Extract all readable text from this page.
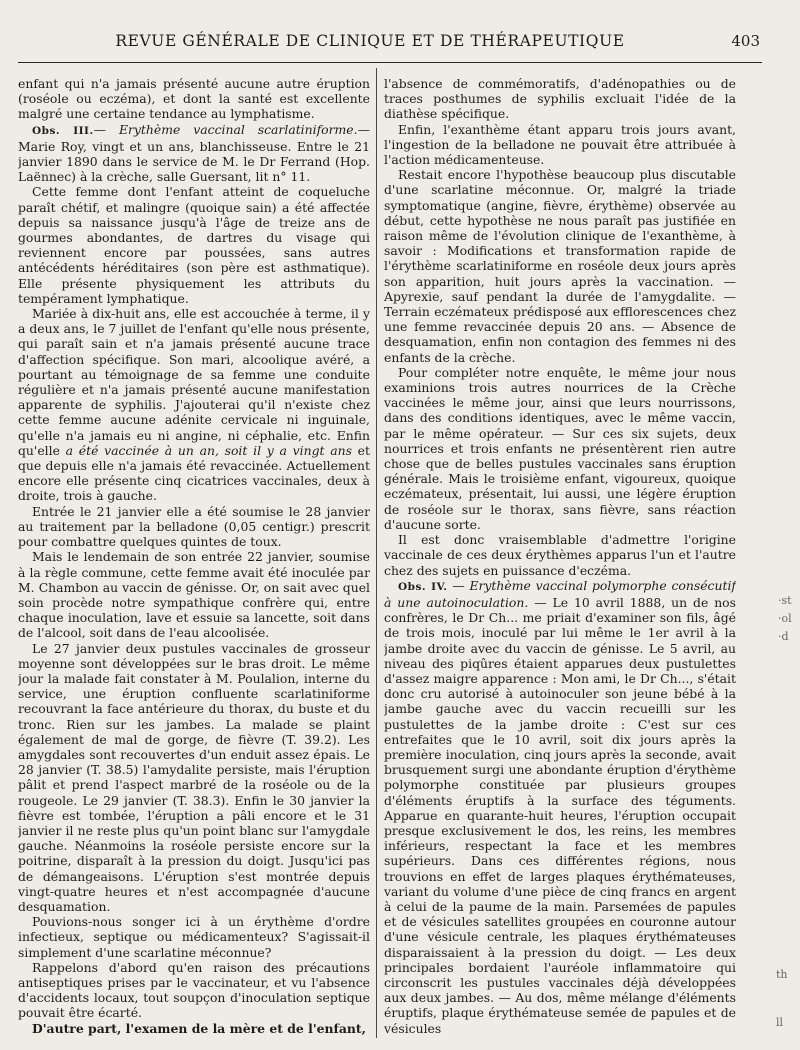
REVUE GÉNÉRALE DE CLINIQUE ET DE THÉRAPEUTIQUE	403

enfant qui n'a jamais présenté aucune autre éruption (roséole ou eczéma), et dont la santé est excellente malgré une certaine tendance au lymphatisme.

Obs. III.— Erythème vaccinal scarlatiniforme.— Marie Roy, vingt et un ans, blanchisseuse. Entre le 21 janvier 1890 dans le service de M. le Dr Ferrand (Hop. Laënnec) à la crèche, salle Guersant, lit n° 11.

Cette femme dont l'enfant atteint de coqueluche paraît chétif, et malingre (quoique sain) a été affectée depuis sa naissance jusqu'à l'âge de treize ans de gourmes abondantes, de dartres du visage qui reviennent encore par poussées, sans autres antécédents héréditaires (son père est asthmatique). Elle présente physiquement les attributs du tempérament lymphatique.

Mariée à dix-huit ans, elle est accouchée à terme, il y a deux ans, le 7 juillet de l'enfant qu'elle nous présente, qui paraît sain et n'a jamais présenté aucune trace d'affection spécifique. Son mari, alcoolique avéré, a pourtant au témoignage de sa femme une conduite régulière et n'a jamais présenté aucune manifestation apparente de syphilis. J'ajouterai qu'il n'existe chez cette femme aucune adénite cervicale ni inguinale, qu'elle n'a jamais eu ni angine, ni céphalie, etc. Enfin qu'elle a été vaccinée à un an, soit il y a vingt ans et que depuis elle n'a jamais été revaccinée. Actuellement encore elle présente cinq cicatrices vaccinales, deux à droite, trois à gauche.

Entrée le 21 janvier elle a été soumise le 28 janvier au traitement par la belladone (0,05 centigr.) prescrit pour combattre quelques quintes de toux.

Mais le lendemain de son entrée 22 janvier, soumise à la règle commune, cette femme avait été inoculée par M. Chambon au vaccin de génisse. Or, on sait avec quel soin procède notre sympathique confrère qui, entre chaque inoculation, lave et essuie sa lancette, soit dans de l'alcool, soit dans de l'eau alcoolisée.

Le 27 janvier deux pustules vaccinales de grosseur moyenne sont développées sur le bras droit. Le même jour la malade fait constater à M. Poulalion, interne du service, une éruption confluente scarlatiniforme recouvrant la face antérieure du thorax, du buste et du tronc. Rien sur les jambes. La malade se plaint également de mal de gorge, de fièvre (T. 39.2). Les amygdales sont recouvertes d'un enduit assez épais. Le 28 janvier (T. 38.5) l'amydalite persiste, mais l'éruption pâlit et prend l'aspect marbré de la roséole ou de la rougeole. Le 29 janvier (T. 38.3). Enfin le 30 janvier la fièvre est tombée, l'éruption a pâli encore et le 31 janvier il ne reste plus qu'un point blanc sur l'amygdale gauche. Néanmoins la roséole persiste encore sur la poitrine, disparaît à la pression du doigt. Jusqu'ici pas de démangeaisons. L'éruption s'est montrée depuis vingt-quatre heures et n'est accompagnée d'aucune desquamation.

Pouvions-nous songer ici à un érythème d'ordre infectieux, septique ou médicamenteux? S'agissait-il simplement d'une scarlatine méconnue?

Rappelons d'abord qu'en raison des précautions antiseptiques prises par le vaccinateur, et vu l'absence d'accidents locaux, tout soupçon d'inoculation septique pouvait être écarté.

D'autre part, l'examen de la mère et de l'enfant,

l'absence de commémoratifs, d'adénopathies ou de traces posthumes de syphilis excluait l'idée de la diathèse spécifique.

Enfin, l'exanthème étant apparu trois jours avant, l'ingestion de la belladone ne pouvait être attribuée à l'action médicamenteuse.

Restait encore l'hypothèse beaucoup plus discutable d'une scarlatine méconnue. Or, malgré la triade symptomatique (angine, fièvre, érythème) observée au début, cette hypothèse ne nous paraît pas justifiée en raison même de l'évolution clinique de l'exanthème, à savoir : Modifications et transformation rapide de l'érythème scarlatiniforme en roséole deux jours après son apparition, huit jours après la vaccination. — Apyrexie, sauf pendant la durée de l'amygdalite. — Terrain eczémateux prédisposé aux efflorescences chez une femme revaccinée depuis 20 ans. — Absence de desquamation, enfin non contagion des femmes ni des enfants de la crèche.

Pour compléter notre enquête, le même jour nous examinions trois autres nourrices de la Crèche vaccinées le même jour, ainsi que leurs nourrissons, dans des conditions identiques, avec le même vaccin, par le même opérateur. — Sur ces six sujets, deux nourrices et trois enfants ne présentèrent rien autre chose que de belles pustules vaccinales sans éruption générale. Mais le troisième enfant, vigoureux, quoique eczémateux, présentait, lui aussi, une légère éruption de roséole sur le thorax, sans fièvre, sans réaction d'aucune sorte.

Il est donc vraisemblable d'admettre l'origine vaccinale de ces deux érythèmes apparus l'un et l'autre chez des sujets en puissance d'eczéma.

Obs. IV. — Erythème vaccinal polymorphe consécutif à une autoinoculation. — Le 10 avril 1888, un de nos confrères, le Dr Ch... me priait d'examiner son fils, âgé de trois mois, inoculé par lui même le 1er avril à la jambe droite avec du vaccin de génisse. Le 5 avril, au niveau des piqûres étaient apparues deux pustulettes d'assez maigre apparence : Mon ami, le Dr Ch..., s'était donc cru autorisé à autoinoculer son jeune bébé à la jambe gauche avec du vaccin recueilli sur les pustulettes de la jambe droite : C'est sur ces entrefaites que le 10 avril, soit dix jours après la première inoculation, cinq jours après la seconde, avait brusquement surgi une abondante éruption d'érythème polymorphe constituée par plusieurs groupes d'éléments éruptifs à la surface des téguments. Apparue en quarante-huit heures, l'éruption occupait presque exclusivement le dos, les reins, les membres inférieurs, respectant la face et les membres supérieurs. Dans ces différentes régions, nous trouvions en effet de larges plaques érythémateuses, variant du volume d'une pièce de cinq francs en argent à celui de la paume de la main. Parsemées de papules et de vésicules satellites groupées en couronne autour d'une vésicule centrale, les plaques érythémateuses disparaissaient à la pression du doigt. — Les deux principales bordaient l'auréole inflammatoire qui circonscrit les pustules vaccinales déjà développées aux deux jambes. — Au dos, même mélange d'éléments éruptifs, plaque érythémateuse semée de papules et de vésicules

·st
·ol
·d
th
ll
